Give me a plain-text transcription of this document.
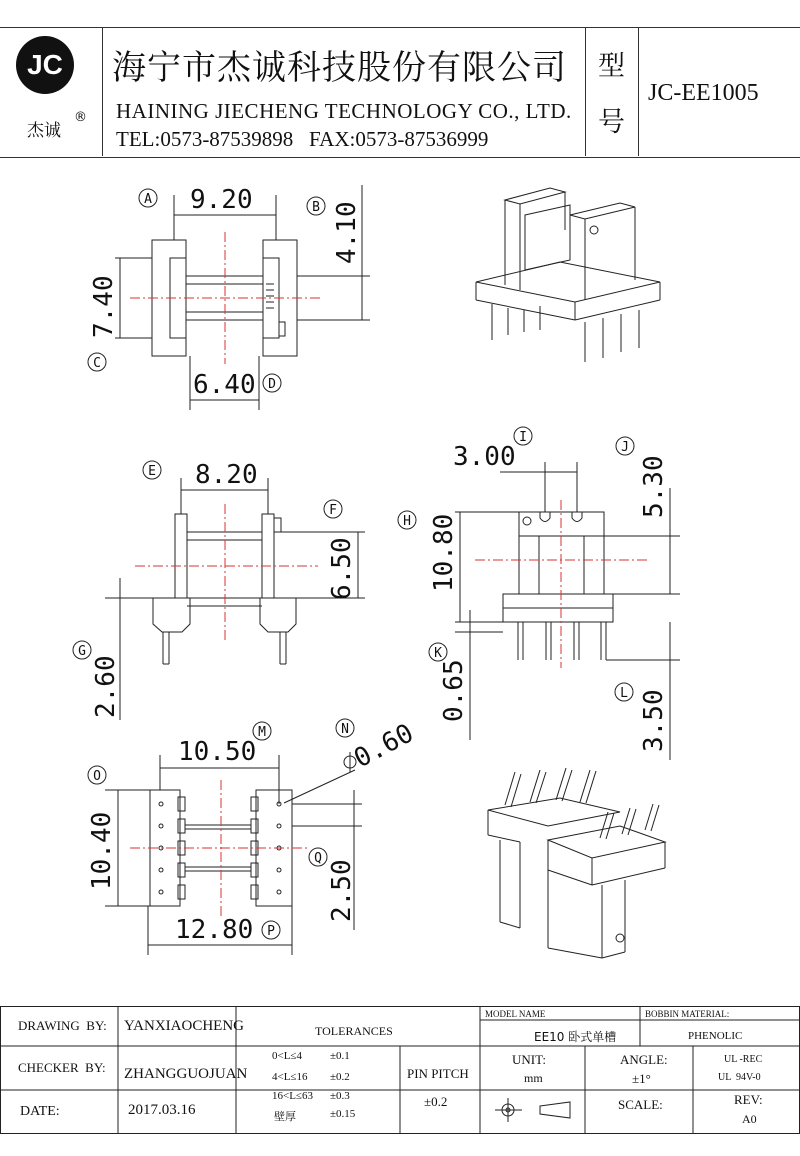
JC
杰诚
®
海宁市杰诚科技股份有限公司
HAINING JIECHENG TECHNOLOGY CO., LTD.
TEL:0573-87539898   FAX:0573-87536999
型
号
JC-EE1005
9.20
4.10
7.40
6.40
8.20
6.50
2.60
10.80
3.00	5.30
0.65	3.50
10.50	0.60
10.40
12.80
2.50
A
B
C
D
E
F
G
H
I
J
K
L
M	N
O
P
Q
DRAWING  BY: YANXIAOCHENG
CHECKER  BY: ZHANGGUOJUAN
DATE:	2017.03.16
TOLERANCES
0<L≤4	±0.1
4<L≤16 ±0.2
16<L≤63 ±0.3
壁厚	±0.15
PIN PITCH
±0.2
MODEL NAME
EE10 卧式单槽
BOBBIN MATERIAL:
PHENOLIC
UNIT:
mm
ANGLE:
±1°
UL -REC
UL  94V-0
SCALE:	REV:
A0
